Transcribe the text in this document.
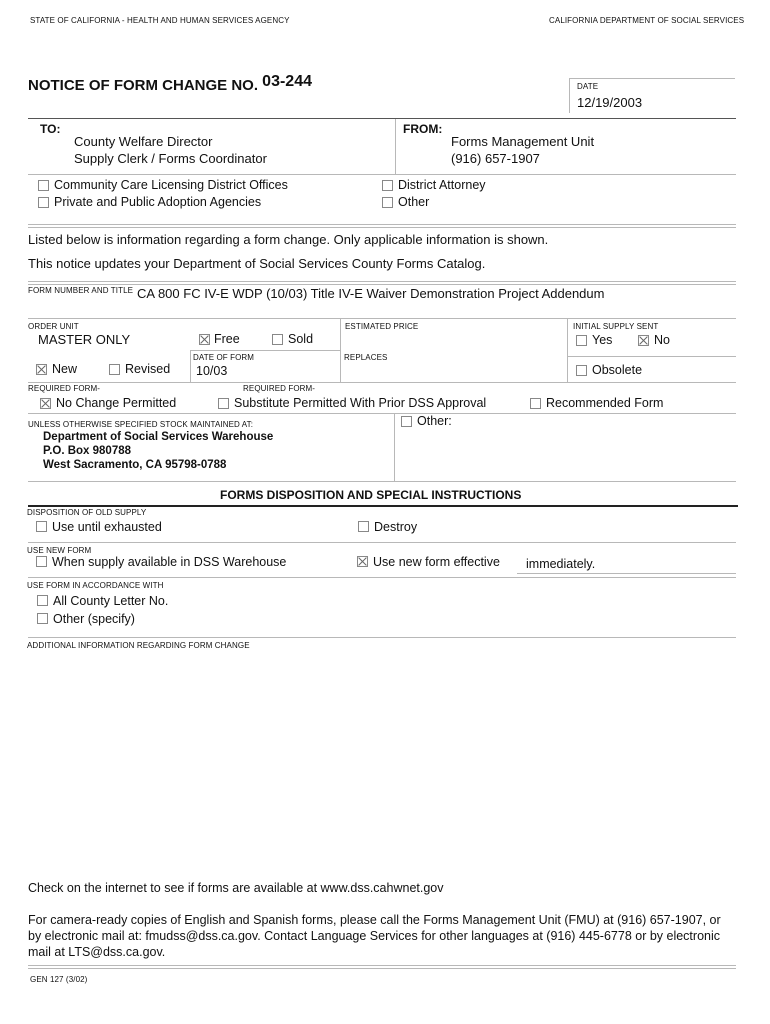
STATE OF CALIFORNIA - HEALTH AND HUMAN SERVICES AGENCY	CALIFORNIA DEPARTMENT OF SOCIAL SERVICES
NOTICE OF FORM CHANGE NO. 03-244	DATE
12/19/2003
TO:
County Welfare Director
Supply Clerk / Forms Coordinator
FROM:
Forms Management Unit
(916) 657-1907
Community Care Licensing District Offices
Private and Public Adoption Agencies
District Attorney
Other
Listed below is information regarding a form change. Only applicable information is shown.
This notice updates your Department of Social Services County Forms Catalog.
FORM NUMBER AND TITLE CA 800 FC IV-E WDP (10/03) Title IV-E Waiver Demonstration Project Addendum
ORDER UNIT
MASTER ONLY	Free	Sold
ESTIMATED PRICE	INITIAL SUPPLY SENT
Yes	No
New	Revised
DATE OF FORM
10/03
REPLACES
Obsolete
REQUIRED FORM-	REQUIRED FORM-
No Change Permitted	Substitute Permitted With Prior DSS Approval	Recommended Form
UNLESS OTHERWISE SPECIFIED STOCK MAINTAINED AT:
Department of Social Services Warehouse
P.O. Box 980788
West Sacramento, CA 95798-0788
Other:
FORMS DISPOSITION AND SPECIAL INSTRUCTIONS
DISPOSITION OF OLD SUPPLY
Use until exhausted	Destroy
USE NEW FORM
When supply available in DSS Warehouse	Use new form effective immediately.
USE FORM IN ACCORDANCE WITH
All County Letter No.
Other (specify)
ADDITIONAL INFORMATION REGARDING FORM CHANGE
Check on the internet to see if forms are available at www.dss.cahwnet.gov
For camera-ready copies of English and Spanish forms, please call the Forms Management Unit (FMU) at (916) 657-1907, or
by electronic mail at: fmudss@dss.ca.gov. Contact Language Services for other languages at (916) 445-6778 or by electronic
mail at LTS@dss.ca.gov.
GEN 127 (3/02)
